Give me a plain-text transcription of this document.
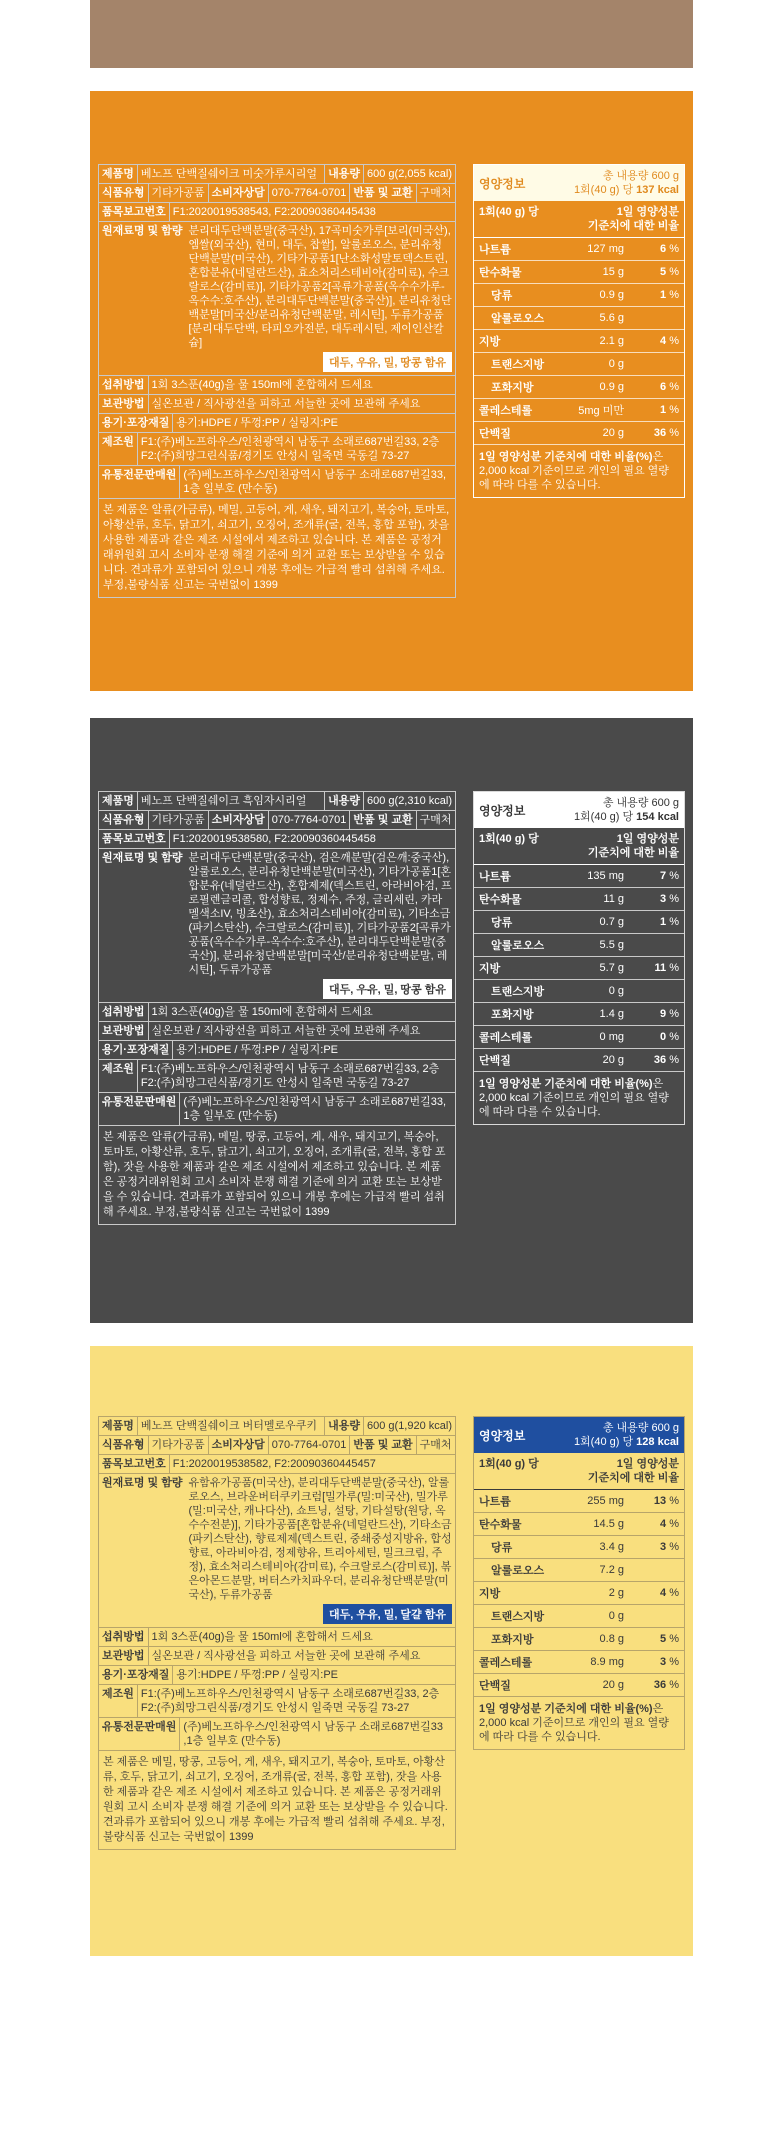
제품명 베노프 단백질쉐이크 미숫가루시리얼	내용량 600 g(2,055 kcal)
식품유형 기타가공품 소비자상담 070-7764-0701 반품 및 교환 구매처
품목보고번호 F1:2020019538543, F2:20090360445438
원재료명 및 함량 분리대두단백분말(중국산), 17곡미숫가루[보리(미국산), 엠쌀(외국산), 현미, 대두, 찹쌀], 알룰로오스, 분리유청단백분말(미국산), 기타가공품1[난소화성말토덱스트린, 혼합분유(네덜란드산), 효소처리스테비아(감미료), 수크랄로스(감미료)], 기타가공품2[곡류가공품(옥수수가루-옥수수:호주산), 분리대두단백분말(중국산)], 분리유청단백분말[미국산/분리유청단백분말, 레시틴], 두류가공품[분리대두단백, 타피오카전분, 대두레시틴, 제이인산칼슘]
대두, 우유, 밀, 땅콩 함유
섭취방법 1회 3스푼(40g)을 물 150ml에 혼합해서 드세요
보관방법 실온보관 / 직사광선을 피하고 서늘한 곳에 보관해 주세요
용기·포장재질 용기:HDPE / 뚜껑:PP / 실링지:PE
제조원 F1:(주)베노프하우스/인천광역시 남동구 소래로687번길33, 2층 F2:(주)희망그린식품/경기도 안성시 일죽면 국동길 73-27
유통전문판매원 (주)베노프하우스/인천광역시 남동구 소래로687번길33, 1층 일부호 (만수동)
본 제품은 알류(가금류), 메밀, 고등어, 게, 새우, 돼지고기, 복숭아, 토마토, 아황산류, 호두, 닭고기, 쇠고기, 오징어, 조개류(굴, 전복, 홍합 포함), 잣을 사용한 제품과 같은 제조 시설에서 제조하고 있습니다. 본 제품은 공정거래위원회 고시 소비자 분쟁 해결 기준에 의거 교환 또는 보상받을 수 있습니다. 견과류가 포함되어 있으니 개봉 후에는 가급적 빨리 섭취해 주세요. 부정,불량식품 신고는 국번없이 1399
영양정보
총 내용량 600 g
1회(40 g) 당 137 kcal
1회(40 g) 당	1일 영양성분
기준치에 대한 비율
나트륨	127 mg	6 %
탄수화물	15 g	5 %
당류	0.9 g	1 %
알룰로오스	5.6 g
지방	2.1 g	4 %
트랜스지방	0 g
포화지방	0.9 g	6 %
콜레스테롤	5mg 미만	1 %
단백질	20 g	36 %
1일 영양성분 기준치에 대한 비율(%)은 2,000 kcal 기준이므로 개인의 필요 열량에 따라 다를 수 있습니다.
제품명 베노프 단백질쉐이크 흑임자시리얼	내용량 600 g(2,310 kcal)
식품유형 기타가공품 소비자상담 070-7764-0701 반품 및 교환 구매처
품목보고번호 F1:2020019538580, F2:20090360445458
원재료명 및 함량 분리대두단백분말(중국산), 검은깨분말(검은깨:중국산), 알룰로오스, 분리유청단백분말(미국산), 기타가공품1[혼합분유(네덜란드산), 혼합제제(덱스트린, 아라비아검, 프로필렌글리콜, 합성향료, 정제수, 주정, 글리세린, 카라멜색소IV, 빙초산), 효소처리스테비아(감미료), 기타소금(파키스탄산), 수크랄로스(감미료)], 기타가공품2[곡류가공품(옥수수가루-옥수수:호주산), 분리대두단백분말(중국산)], 분리유청단백분말[미국산/분리유청단백분말, 레시틴], 두류가공품
대두, 우유, 밀, 땅콩 함유
섭취방법 1회 3스푼(40g)을 물 150ml에 혼합해서 드세요
보관방법 실온보관 / 직사광선을 피하고 서늘한 곳에 보관해 주세요
용기·포장재질 용기:HDPE / 뚜껑:PP / 실링지:PE
제조원 F1:(주)베노프하우스/인천광역시 남동구 소래로687번길33, 2층 F2:(주)희망그린식품/경기도 안성시 일죽면 국동길 73-27
유통전문판매원 (주)베노프하우스/인천광역시 남동구 소래로687번길33, 1층 일부호 (만수동)
본 제품은 알류(가금류), 메밀, 땅콩, 고등어, 게, 새우, 돼지고기, 복숭아, 토마토, 아황산류, 호두, 닭고기, 쇠고기, 오징어, 조개류(굴, 전복, 홍합 포함), 잣을 사용한 제품과 같은 제조 시설에서 제조하고 있습니다. 본 제품은 공정거래위원회 고시 소비자 분쟁 해결 기준에 의거 교환 또는 보상받을 수 있습니다. 견과류가 포함되어 있으니 개봉 후에는 가급적 빨리 섭취해 주세요. 부정,불량식품 신고는 국번없이 1399
영양정보
총 내용량 600 g
1회(40 g) 당 154 kcal
1회(40 g) 당	1일 영양성분
기준치에 대한 비율
나트륨	135 mg	7 %
탄수화물	11 g	3 %
당류	0.7 g	1 %
알룰로오스	5.5 g
지방	5.7 g	11 %
트랜스지방	0 g
포화지방	1.4 g	9 %
콜레스테롤	0 mg	0 %
단백질	20 g	36 %
1일 영양성분 기준치에 대한 비율(%)은 2,000 kcal 기준이므로 개인의 필요 열량에 따라 다를 수 있습니다.
제품명 베노프 단백질쉐이크 버터멜로우쿠키	내용량 600 g(1,920 kcal)
식품유형 기타가공품 소비자상담 070-7764-0701 반품 및 교환 구매처
품목보고번호 F1:2020019538582, F2:20090360445457
원재료명 및 함량 유함유가공품(미국산), 분리대두단백분말(중국산), 알룰로오스, 브라운버터쿠키크럼[밀가루(밀:미국산), 밀가루(밀:미국산, 캐나다산), 쇼트닝, 설탕, 기타설탕(원당, 옥수수전분)], 기타가공품[혼합분유(네덜란드산), 기타소금(파키스탄산), 향료제제(덱스트린, 중쇄중성지방유, 합성향료, 아라비아검, 정제향유, 트리아세틴, 밀크크림, 주정), 효소처리스테비아(감미료), 수크랄로스(감미료)], 볶은아몬드분말, 버터스카치파우더, 분리유청단백분말(미국산), 두류가공품
대두, 우유, 밀, 달걀 함유
섭취방법 1회 3스푼(40g)을 물 150ml에 혼합해서 드세요
보관방법 실온보관 / 직사광선을 피하고 서늘한 곳에 보관해 주세요
용기·포장재질 용기:HDPE / 뚜껑:PP / 실링지:PE
제조원 F1:(주)베노프하우스/인천광역시 남동구 소래로687번길33, 2층 F2:(주)희망그린식품/경기도 안성시 일죽면 국동길 73-27
유통전문판매원 (주)베노프하우스/인천광역시 남동구 소래로687번길33 ,1층 일부호 (만수동)
본 제품은 메밀, 땅콩, 고등어, 게, 새우, 돼지고기, 복숭아, 토마토, 아황산류, 호두, 닭고기, 쇠고기, 오징어, 조개류(굴, 전복, 홍합 포함), 잣을 사용한 제품과 같은 제조 시설에서 제조하고 있습니다. 본 제품은 공정거래위원회 고시 소비자 분쟁 해결 기준에 의거 교환 또는 보상받을 수 있습니다. 견과류가 포함되어 있으니 개봉 후에는 가급적 빨리 섭취해 주세요. 부정, 불량식품 신고는 국번없이 1399
영양정보
총 내용량 600 g
1회(40 g) 당 128 kcal
1회(40 g) 당	1일 영양성분
기준치에 대한 비율
나트륨	255 mg	13 %
탄수화물	14.5 g	4 %
당류	3.4 g	3 %
알룰로오스	7.2 g
지방	2 g	4 %
트랜스지방	0 g
포화지방	0.8 g	5 %
콜레스테롤	8.9 mg	3 %
단백질	20 g	36 %
1일 영양성분 기준치에 대한 비율(%)은 2,000 kcal 기준이므로 개인의 필요 열량에 따라 다를 수 있습니다.
